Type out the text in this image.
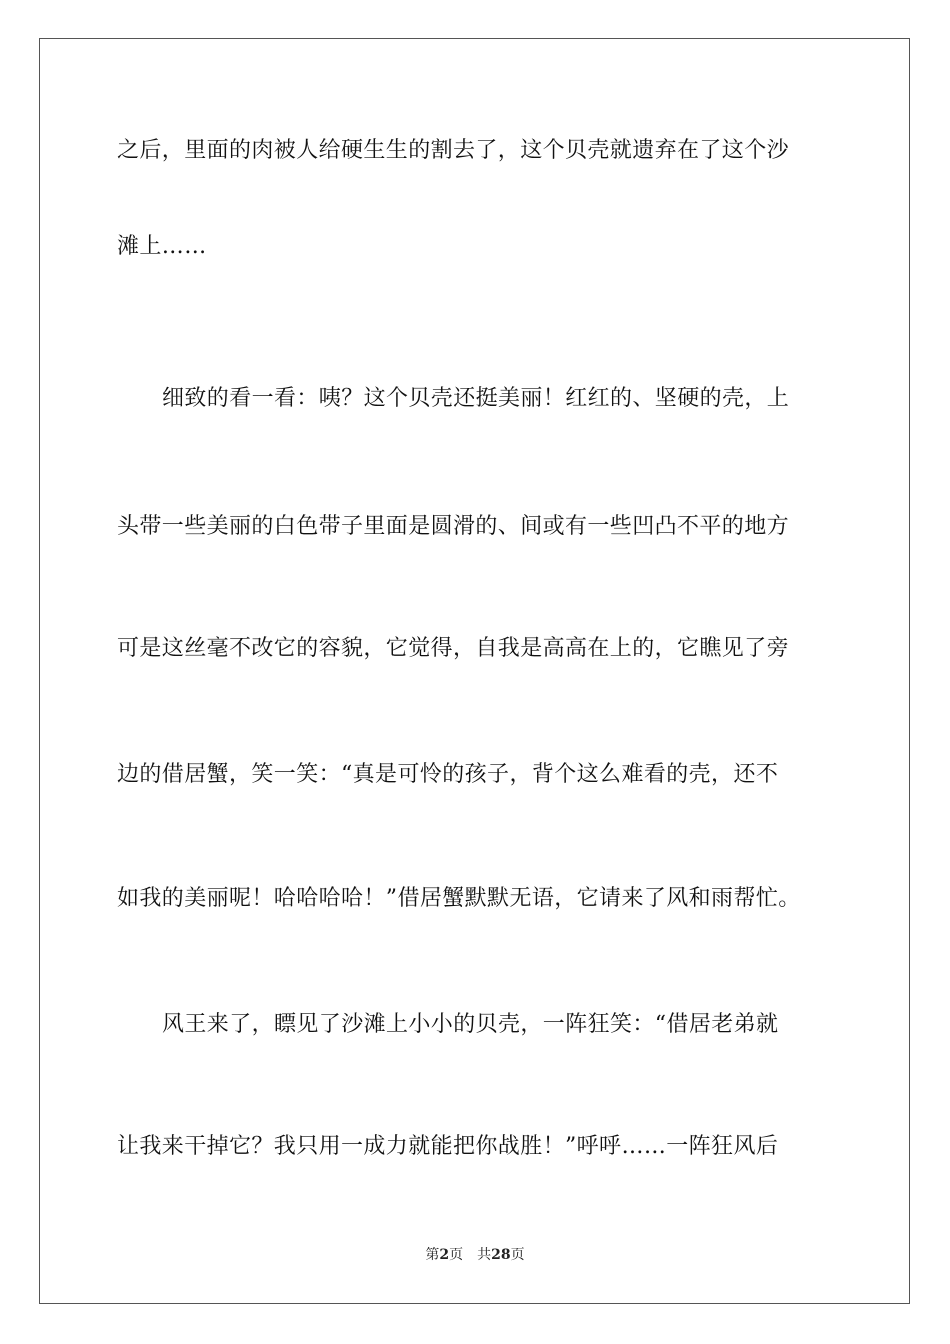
之后，里面的肉被人给硬生生的割去了，这个贝壳就遗弃在了这个沙
滩上……
细致的看一看：咦？这个贝壳还挺美丽！红红的、坚硬的壳，上
头带一些美丽的白色带子里面是圆滑的、间或有一些凹凸不平的地方
可是这丝毫不改它的容貌，它觉得，自我是高高在上的，它瞧见了旁
边的借居蟹，笑一笑：“真是可怜的孩子，背个这么难看的壳，还不
如我的美丽呢！哈哈哈哈！”借居蟹默默无语，它请来了风和雨帮忙。
风王来了，瞟见了沙滩上小小的贝壳，一阵狂笑：“借居老弟就
让我来干掉它？我只用一成力就能把你战胜！”呼呼……一阵狂风后
第2页 共28页
